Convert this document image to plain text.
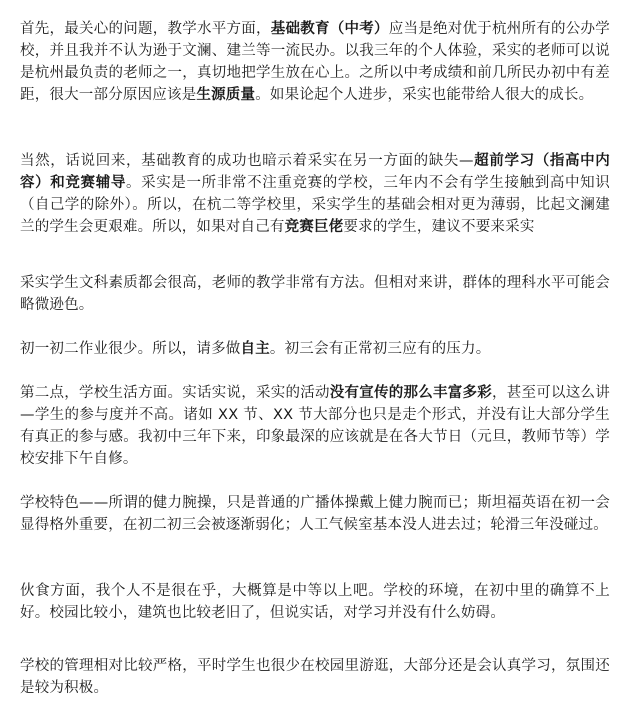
首先，最关心的问题，教学水平方面，基础教育（中考）应当是绝对优于杭州所有的公办学校，并且我并不认为逊于文澜、建兰等一流民办。以我三年的个人体验，采实的老师可以说是杭州最负责的老师之一，真切地把学生放在心上。之所以中考成绩和前几所民办初中有差距，很大一部分原因应该是生源质量。如果论起个人进步，采实也能带给人很大的成长。

当然，话说回来，基础教育的成功也暗示着采实在另一方面的缺失—超前学习（指高中内容）和竞赛辅导。采实是一所非常不注重竞赛的学校，三年内不会有学生接触到高中知识（自己学的除外）。所以，在杭二等学校里，采实学生的基础会相对更为薄弱，比起文澜建兰的学生会更艰难。所以，如果对自己有竞赛巨佬要求的学生，建议不要来采实

采实学生文科素质都会很高，老师的教学非常有方法。但相对来讲，群体的理科水平可能会略微逊色。

初一初二作业很少。所以，请多做自主。初三会有正常初三应有的压力。

第二点，学校生活方面。实话实说，采实的活动没有宣传的那么丰富多彩，甚至可以这么讲—学生的参与度并不高。诸如 XX 节、XX 节大部分也只是走个形式，并没有让大部分学生有真正的参与感。我初中三年下来，印象最深的应该就是在各大节日（元旦，教师节等）学校安排下午自修。

学校特色——所谓的健力腕操，只是普通的广播体操戴上健力腕而已；斯坦福英语在初一会显得格外重要，在初二初三会被逐渐弱化；人工气候室基本没人进去过；轮滑三年没碰过。

伙食方面，我个人不是很在乎，大概算是中等以上吧。学校的环境，在初中里的确算不上好。校园比较小，建筑也比较老旧了，但说实话，对学习并没有什么妨碍。

学校的管理相对比较严格，平时学生也很少在校园里游逛，大部分还是会认真学习，氛围还是较为积极。
